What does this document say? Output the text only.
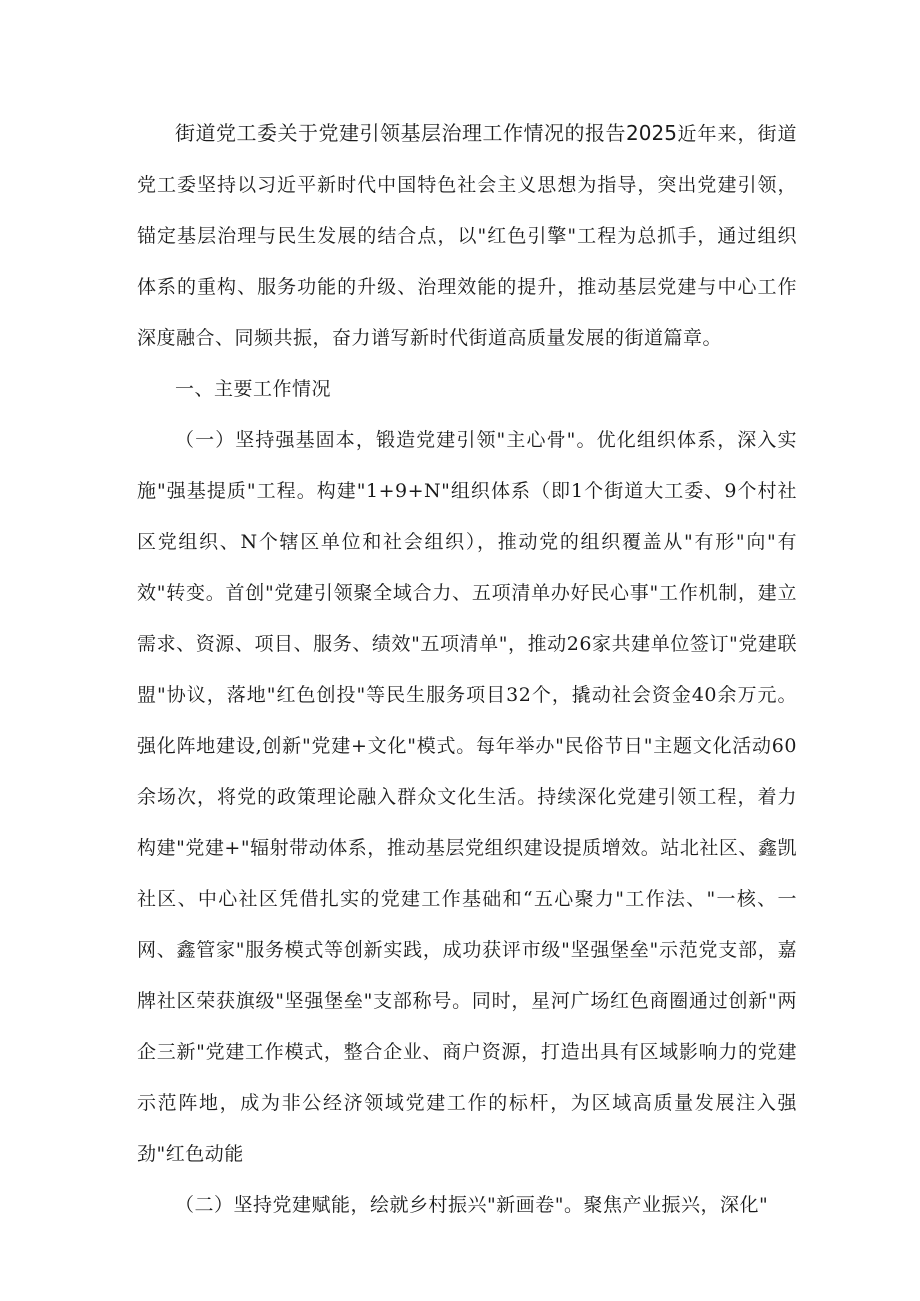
街道党工委关于党建引领基层治理工作情况的报告2025近年来，街道党工委坚持以习近平新时代中国特色社会主义思想为指导，突出党建引领，锚定基层治理与民生发展的结合点，以"红色引擎"工程为总抓手，通过组织体系的重构、服务功能的升级、治理效能的提升，推动基层党建与中心工作深度融合、同频共振，奋力谱写新时代街道高质量发展的街道篇章。

一、主要工作情况

（一）坚持强基固本，锻造党建引领"主心骨"。优化组织体系，深入实施"强基提质"工程。构建"1+9+N"组织体系（即1个街道大工委、9个村社区党组织、N个辖区单位和社会组织），推动党的组织覆盖从"有形"向"有效"转变。首创"党建引领聚全域合力、五项清单办好民心事"工作机制，建立需求、资源、项目、服务、绩效"五项清单"，推动26家共建单位签订"党建联盟"协议，落地"红色创投"等民生服务项目32个，撬动社会资金40余万元。强化阵地建设,创新"党建+文化"模式。每年举办"民俗节日"主题文化活动60余场次，将党的政策理论融入群众文化生活。持续深化党建引领工程，着力构建"党建+"辐射带动体系，推动基层党组织建设提质增效。站北社区、鑫凯社区、中心社区凭借扎实的党建工作基础和“五心聚力"工作法、"一核、一网、鑫管家"服务模式等创新实践，成功获评市级"坚强堡垒"示范党支部，嘉牌社区荣获旗级"坚强堡垒"支部称号。同时，星河广场红色商圈通过创新"两企三新"党建工作模式，整合企业、商户资源，打造出具有区域影响力的党建示范阵地，成为非公经济领域党建工作的标杆，为区域高质量发展注入强劲"红色动能

（二）坚持党建赋能，绘就乡村振兴"新画卷"。聚焦产业振兴，深化"
